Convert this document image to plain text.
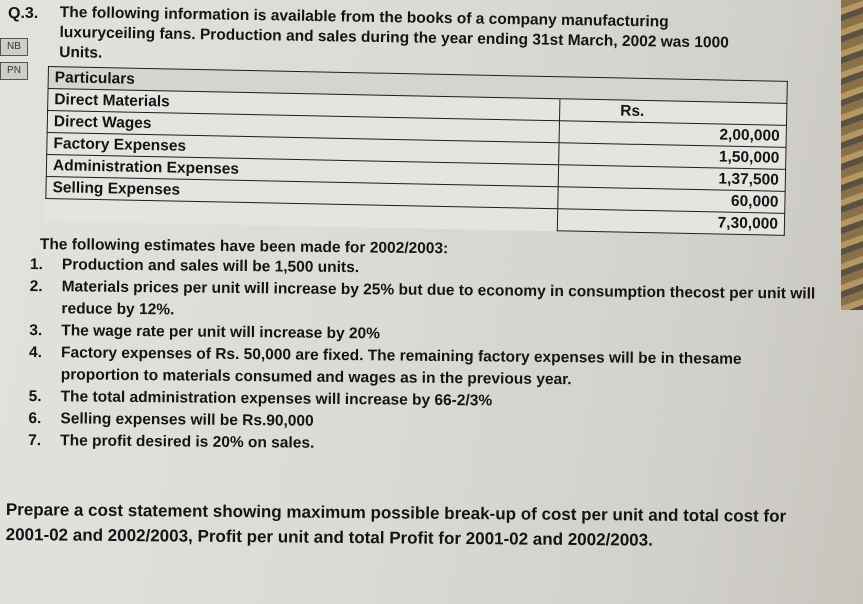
NB
PN
Q.3. The following information is available from the books of a company manufacturing luxuryceiling fans. Production and sales during the year ending 31st March, 2002 was 1000 Units.
Particulars	
Direct Materials	Rs.
Direct Wages	2,00,000
Factory Expenses	1,50,000
Administration Expenses	1,37,500
Selling Expenses	60,000
	7,30,000
The following estimates have been made for 2002/2003:
1. Production and sales will be 1,500 units.
2. Materials prices per unit will increase by 25% but due to economy in consumption thecost per unit will reduce by 12%.
3. The wage rate per unit will increase by 20%
4. Factory expenses of Rs. 50,000 are fixed. The remaining factory expenses will be in thesame proportion to materials consumed and wages as in the previous year.
5. The total administration expenses will increase by 66-2/3%
6. Selling expenses will be Rs.90,000
7. The profit desired is 20% on sales.
Prepare a cost statement showing maximum possible break-up of cost per unit and total cost for 2001-02 and 2002/2003, Profit per unit and total Profit for 2001-02 and 2002/2003.
